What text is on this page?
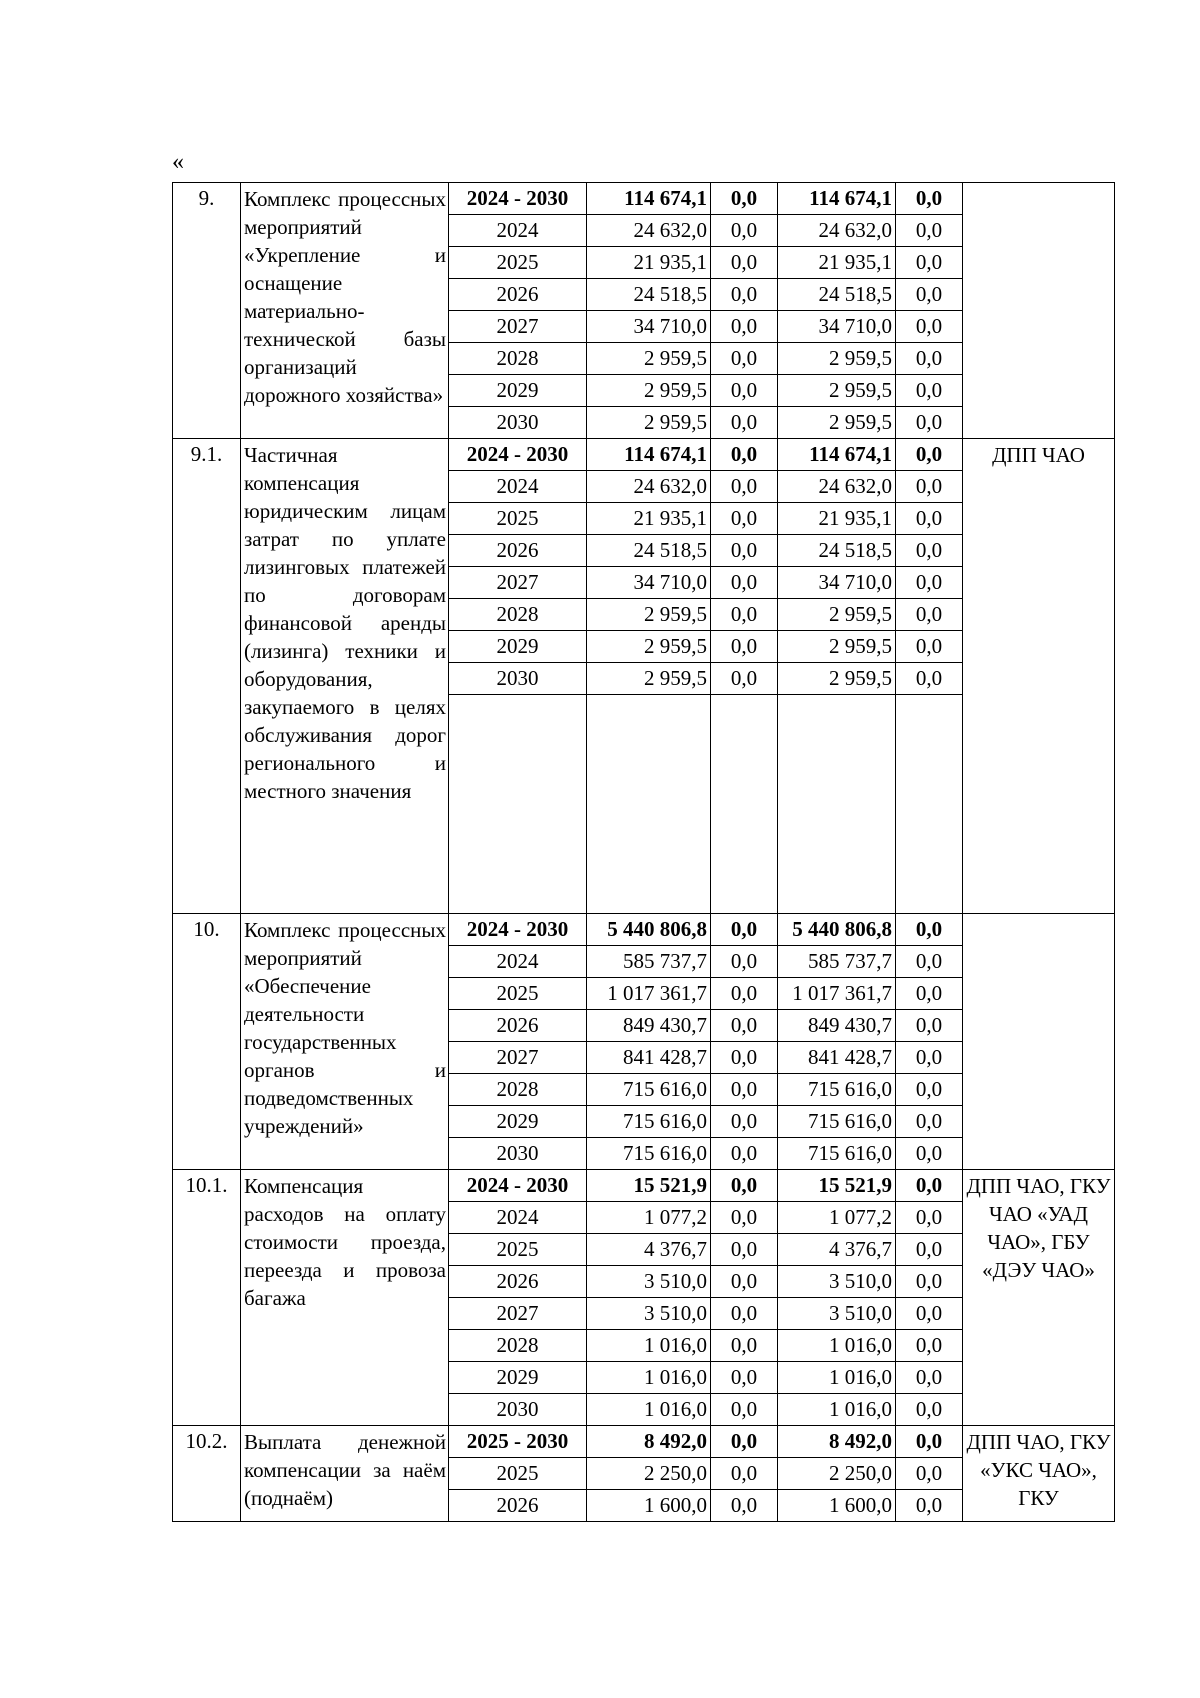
«
9.	Комплекс процессных мероприятий «Укрепление и оснащение материально-технической базы организаций дорожного хозяйства»	2024 - 2030	114 674,1	0,0	114 674,1	0,0	
		2024	24 632,0	0,0	24 632,0	0,0	
		2025	21 935,1	0,0	21 935,1	0,0	
		2026	24 518,5	0,0	24 518,5	0,0	
		2027	34 710,0	0,0	34 710,0	0,0	
		2028	2 959,5	0,0	2 959,5	0,0	
		2029	2 959,5	0,0	2 959,5	0,0	
		2030	2 959,5	0,0	2 959,5	0,0	
9.1.	Частичная компенсация юридическим лицам затрат по уплате лизинговых платежей по договорам финансовой аренды (лизинга) техники и оборудования, закупаемого в целях обслуживания дорог регионального и местного значения	2024 - 2030	114 674,1	0,0	114 674,1	0,0	ДПП ЧАО
		2024	24 632,0	0,0	24 632,0	0,0	
		2025	21 935,1	0,0	21 935,1	0,0	
		2026	24 518,5	0,0	24 518,5	0,0	
		2027	34 710,0	0,0	34 710,0	0,0	
		2028	2 959,5	0,0	2 959,5	0,0	
		2029	2 959,5	0,0	2 959,5	0,0	
		2030	2 959,5	0,0	2 959,5	0,0	

10.	Комплекс процессных мероприятий «Обеспечение деятельности государственных органов и подведомственных учреждений»	2024 - 2030	5 440 806,8	0,0	5 440 806,8	0,0	
		2024	585 737,7	0,0	585 737,7	0,0	
		2025	1 017 361,7	0,0	1 017 361,7	0,0	
		2026	849 430,7	0,0	849 430,7	0,0	
		2027	841 428,7	0,0	841 428,7	0,0	
		2028	715 616,0	0,0	715 616,0	0,0	
		2029	715 616,0	0,0	715 616,0	0,0	
		2030	715 616,0	0,0	715 616,0	0,0	
10.1.	Компенсация расходов на оплату стоимости проезда, переезда и провоза багажа	2024 - 2030	15 521,9	0,0	15 521,9	0,0	ДПП ЧАО, ГКУ ЧАО «УАД ЧАО», ГБУ «ДЭУ ЧАО»
		2024	1 077,2	0,0	1 077,2	0,0	
		2025	4 376,7	0,0	4 376,7	0,0	
		2026	3 510,0	0,0	3 510,0	0,0	
		2027	3 510,0	0,0	3 510,0	0,0	
		2028	1 016,0	0,0	1 016,0	0,0	
		2029	1 016,0	0,0	1 016,0	0,0	
		2030	1 016,0	0,0	1 016,0	0,0	
10.2.	Выплата денежной компенсации за наём (поднаём)	2025 - 2030	8 492,0	0,0	8 492,0	0,0	ДПП ЧАО, ГКУ «УКС ЧАО», ГКУ
		2025	2 250,0	0,0	2 250,0	0,0	
		2026	1 600,0	0,0	1 600,0	0,0	
